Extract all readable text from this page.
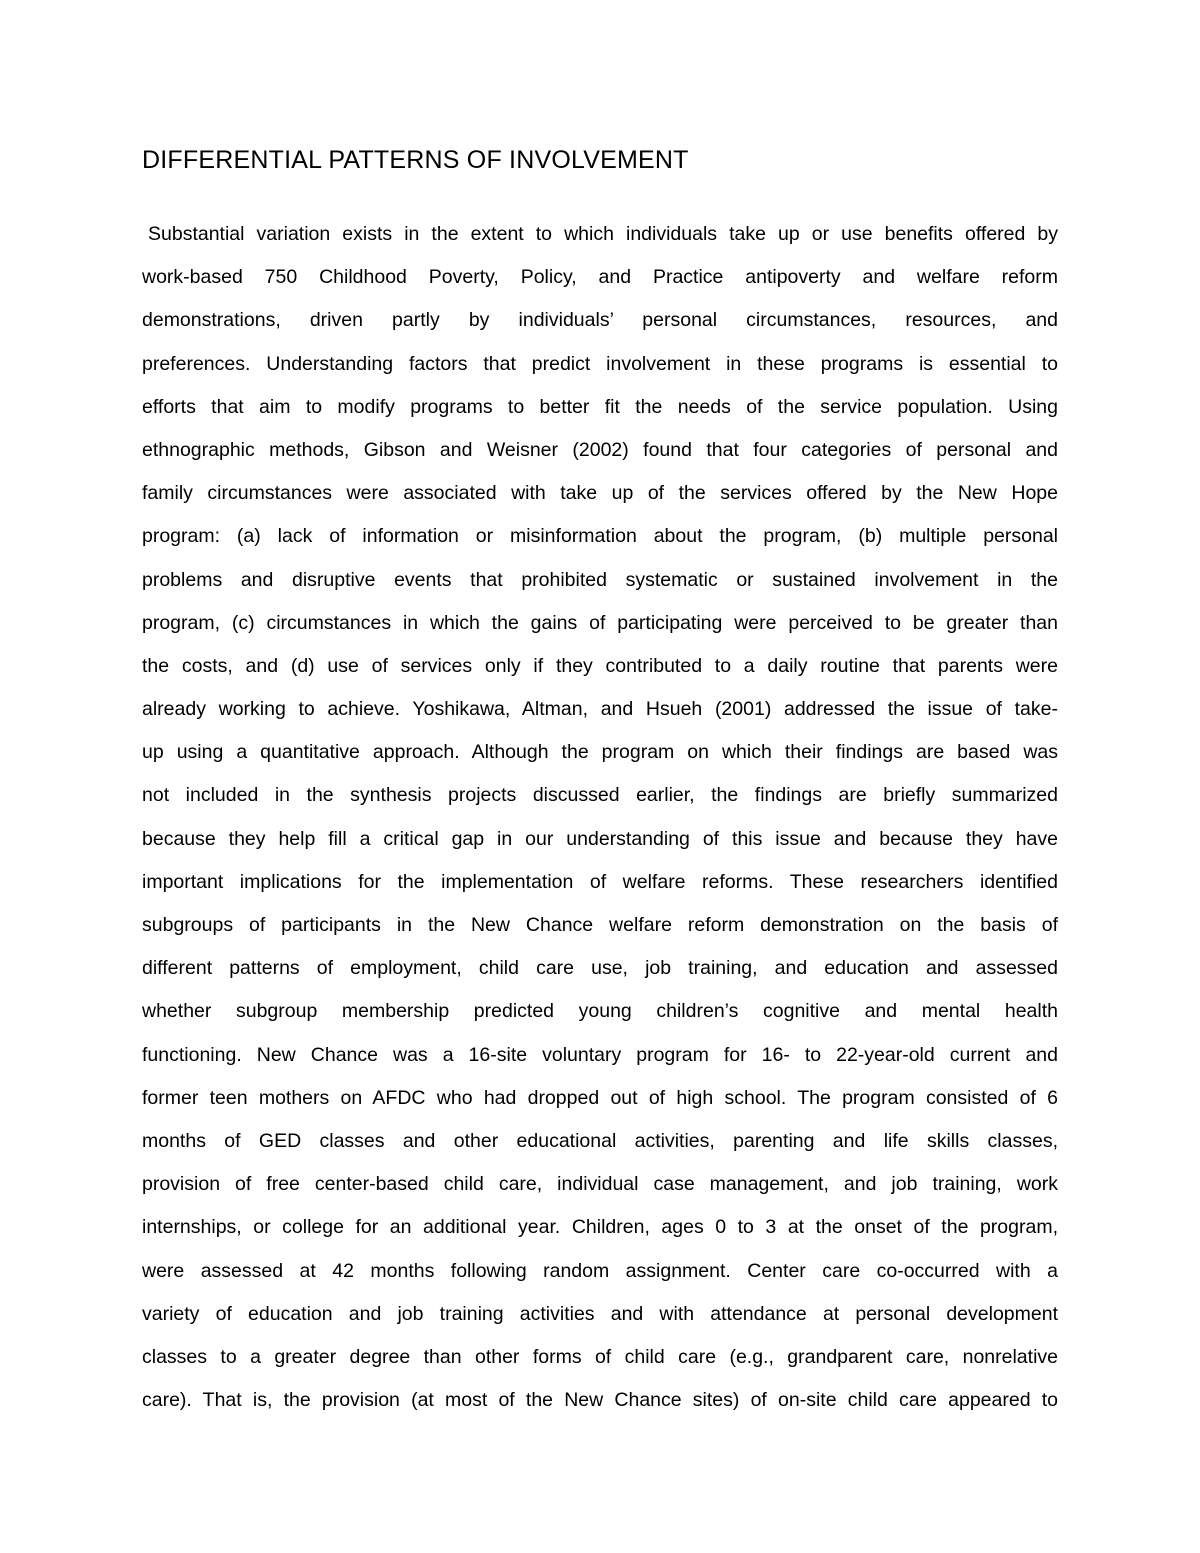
DIFFERENTIAL PATTERNS OF INVOLVEMENT
Substantial variation exists in the extent to which individuals take up or use benefits offered by
work-based 750 Childhood Poverty, Policy, and Practice antipoverty and welfare reform
demonstrations, driven partly by individuals’ personal circumstances, resources, and
preferences. Understanding factors that predict involvement in these programs is essential to
efforts that aim to modify programs to better fit the needs of the service population. Using
ethnographic methods, Gibson and Weisner (2002) found that four categories of personal and
family circumstances were associated with take up of the services offered by the New Hope
program: (a) lack of information or misinformation about the program, (b) multiple personal
problems and disruptive events that prohibited systematic or sustained involvement in the
program, (c) circumstances in which the gains of participating were perceived to be greater than
the costs, and (d) use of services only if they contributed to a daily routine that parents were
already working to achieve. Yoshikawa, Altman, and Hsueh (2001) addressed the issue of take-
up using a quantitative approach. Although the program on which their findings are based was
not included in the synthesis projects discussed earlier, the findings are briefly summarized
because they help fill a critical gap in our understanding of this issue and because they have
important implications for the implementation of welfare reforms. These researchers identified
subgroups of participants in the New Chance welfare reform demonstration on the basis of
different patterns of employment, child care use, job training, and education and assessed
whether subgroup membership predicted young children’s cognitive and mental health
functioning. New Chance was a 16-site voluntary program for 16- to 22-year-old current and
former teen mothers on AFDC who had dropped out of high school. The program consisted of 6
months of GED classes and other educational activities, parenting and life skills classes,
provision of free center-based child care, individual case management, and job training, work
internships, or college for an additional year. Children, ages 0 to 3 at the onset of the program,
were assessed at 42 months following random assignment. Center care co-occurred with a
variety of education and job training activities and with attendance at personal development
classes to a greater degree than other forms of child care (e.g., grandparent care, nonrelative
care). That is, the provision (at most of the New Chance sites) of on-site child care appeared to
